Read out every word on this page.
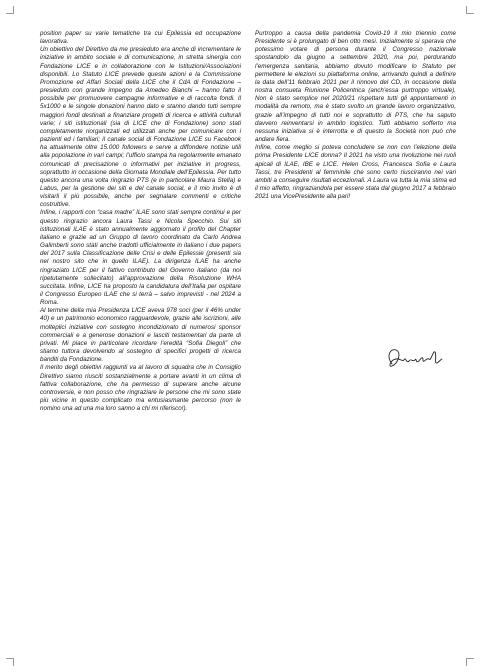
position paper su varie tematiche tra cui Epilessia ed occupazione lavorativa.

Un obiettivo del Direttivo da me presieduto era anche di incrementare le iniziative in ambito sociale e di comunicazione, in stretta sinergia con Fondazione LICE e in collaborazione con le Istituzioni/Associazioni disponibili. Lo Statuto LICE prevede queste azioni e la Commissione Promozione ed Affari Sociali della LICE che il CdA di Fondazione – presieduto con grande impegno da Amedeo Bianchi – hanno fatto il possibile per promuovere campagne informative e di raccolta fondi. Il 5x1000 e le singole donazioni hanno dato e stanno dando tutti sempre maggiori fondi destinati a finanziare progetti di ricerca e attività culturali varie; i siti istituzionali (sia di LICE che di Fondazione) sono stati completamente riorganizzati ed utilizzati anche per comunicare con i pazienti ed i familiari; il canale social di Fondazione LICE su Facebook ha attualmente oltre 15.000 followers e serve a diffondere notizie utili alla popolazione in vari campi; l’ufficio stampa ha regolarmente emanato comunicati di precisazione o informativi per iniziative in progress, soprattutto in occasione della Giornata Mondiale dell’Epilessia. Per tutto questo ancora una volta ringrazio PTS (e in particolare Maura Stella) e Labus, per la gestione dei siti e del canale social, e il mio invito è di visitarli il più possibile, anche per segnalare commenti e critiche costruttive.

Infine, i rapporti con “casa madre” ILAE sono stati sempre continui e per questo ringrazio ancora Laura Tassi e Nicola Specchio. Sui siti istituzionali ILAE è stato annualmente aggiornato il profilo del Chapter italiano e grazie ad un Gruppo di lavoro coordinato da Carlo Andrea Galimberti sono stati anche tradotti ufficialmente in italiano i due papers del 2017 sulla Classificazione delle Crisi e delle Epilessie (presenti sia nel nostro sito che in quello ILAE). La dirigenza ILAE ha anche ringraziato LICE per il fattivo contributo del Governo italiano (da noi ripetutamente sollecitato) all’approvazione della Risoluzione WHA succitata. Infine, LICE ha proposto la candidatura dell’Italia per ospitare il Congresso Europeo ILAE che si terrà – salvo imprevisti - nel 2024 a Roma.

Al termine della mia Presidenza LICE aveva 978 soci (per il 46% under 40) e un patrimonio economico ragguardevole, grazie alle iscrizioni, alle molteplici iniziative con sostegno incondizionato di numerosi sponsor commerciali e a generose donazioni e lasciti testamentari da parte di privati. Mi piace in particolare ricordare l’eredità “Sofia Diegoli” che stiamo tuttora devolvendo al sostegno di specifici progetti di ricerca banditi da Fondazione.

Il merito degli obiettivi raggiunti va al lavoro di squadra che in Consiglio Direttivo siamo riusciti sostanzialmente a portare avanti in un clima di fattiva collaborazione, che ha permesso di superare anche alcune controversie, e non posso che ringraziare le persone che mi sono state più vicine in questo complicato ma entusiasmante percorso (non le nomino una ad una ma loro sanno a chi mi riferisco!).

Purtroppo a causa della pandemia Covid-19 il mio triennio come Presidente si è prolungato di ben otto mesi. Inizialmente si sperava che potessimo votare di persona durante il Congresso nazionale spostandolo da giugno a settembre 2020, ma poi, perdurando l’emergenza sanitaria, abbiamo dovuto modificare lo Statuto per permettere le elezioni su piattaforma online, arrivando quindi a definire la data dell’11 febbraio 2021 per il rinnovo del CD, in occasione della nostra consueta Riunione Policentrica (anch’essa purtroppo virtuale). Non è stato semplice nel 2020/21 rispettare tutti gli appuntamenti in modalità da remoto, ma è stato svolto un grande lavoro organizzativo, grazie all’impegno di tutti noi e soprattutto di PTS, che ha saputo davvero reinventarsi in ambito logistico. Tutti abbiamo sofferto ma nessuna iniziativa si è interrotta e di questo la Società non può che andare fiera.

Infine, come meglio si poteva concludere se non con l’elezione della prima Presidente LICE donna? Il 2021 ha visto una rivoluzione nei ruoli apicali di ILAE, IBE e LICE. Helen Cross, Francesca Sofia e Laura Tassi, tre Presidenti al femminile che sono certo riusciranno nei vari ambiti a conseguire risultati eccezionali. A Laura va tutta la mia stima ed il mio affetto, ringraziandola per essere stata dal giugno 2017 a febbraio 2021 una VicePresidente alla pari!
